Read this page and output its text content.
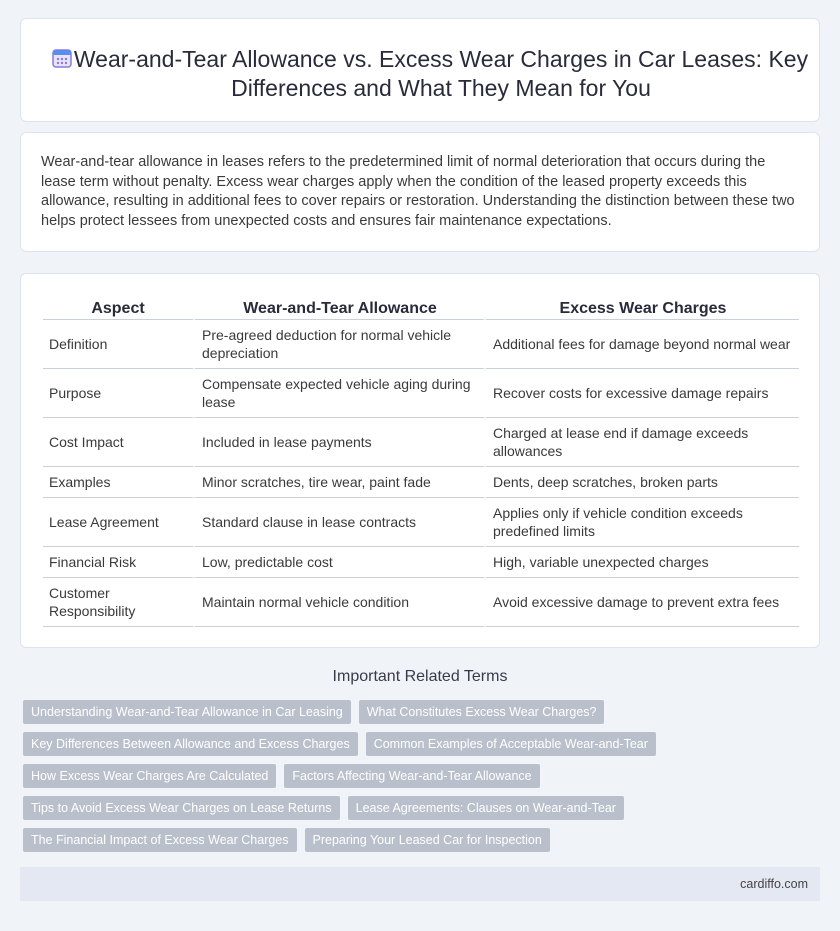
Wear-and-Tear Allowance vs. Excess Wear Charges in Car Leases: Key Differences and What They Mean for You

Wear-and-tear allowance in leases refers to the predetermined limit of normal deterioration that occurs during the lease term without penalty. Excess wear charges apply when the condition of the leased property exceeds this allowance, resulting in additional fees to cover repairs or restoration. Understanding the distinction between these two helps protect lessees from unexpected costs and ensures fair maintenance expectations.

Aspect	Wear-and-Tear Allowance	Excess Wear Charges
Definition	Pre-agreed deduction for normal vehicle depreciation	Additional fees for damage beyond normal wear
Purpose	Compensate expected vehicle aging during lease	Recover costs for excessive damage repairs
Cost Impact	Included in lease payments	Charged at lease end if damage exceeds allowances
Examples	Minor scratches, tire wear, paint fade	Dents, deep scratches, broken parts
Lease Agreement	Standard clause in lease contracts	Applies only if vehicle condition exceeds predefined limits
Financial Risk	Low, predictable cost	High, variable unexpected charges
Customer Responsibility	Maintain normal vehicle condition	Avoid excessive damage to prevent extra fees
Important Related Terms
Understanding Wear-and-Tear Allowance in Car Leasing	What Constitutes Excess Wear Charges?
Key Differences Between Allowance and Excess Charges	Common Examples of Acceptable Wear-and-Tear
How Excess Wear Charges Are Calculated	Factors Affecting Wear-and-Tear Allowance
Tips to Avoid Excess Wear Charges on Lease Returns	Lease Agreements: Clauses on Wear-and-Tear
The Financial Impact of Excess Wear Charges	Preparing Your Leased Car for Inspection
cardiffo.com
